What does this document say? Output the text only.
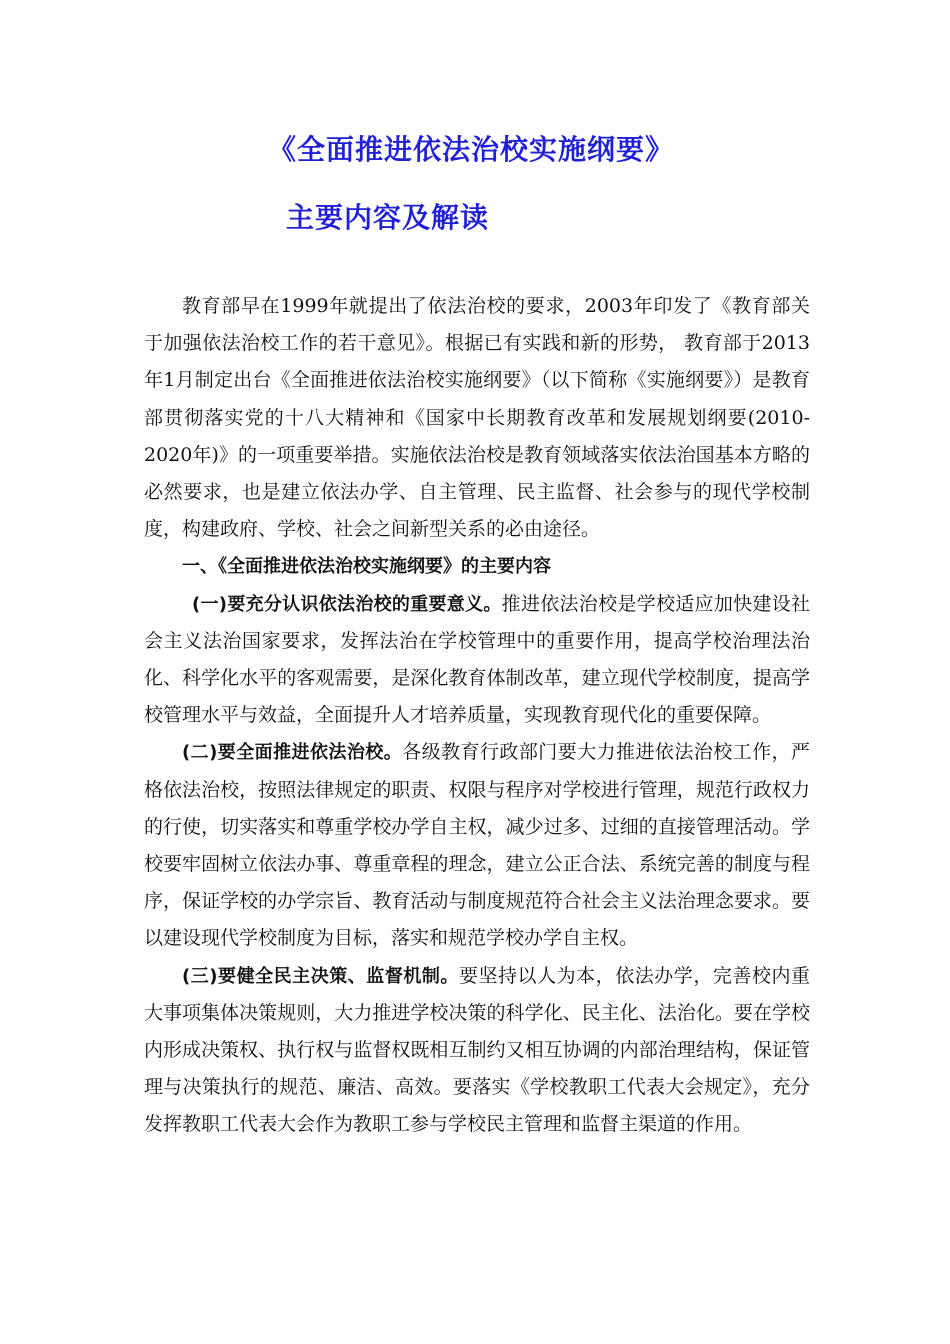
《全面推进依法治校实施纲要》
主要内容及解读

教育部早在1999年就提出了依法治校的要求，2003年印发了《教育部关于加强依法治校工作的若干意见》。根据已有实践和新的形势， 教育部于2013年1月制定出台《全面推进依法治校实施纲要》（以下简称《实施纲要》）是教育部贯彻落实党的十八大精神和《国家中长期教育改革和发展规划纲要(2010-2020年)》的一项重要举措。实施依法治校是教育领域落实依法治国基本方略的必然要求，也是建立依法办学、自主管理、民主监督、社会参与的现代学校制度，构建政府、学校、社会之间新型关系的必由途径。

一、《全面推进依法治校实施纲要》的主要内容

(一)要充分认识依法治校的重要意义。推进依法治校是学校适应加快建设社会主义法治国家要求，发挥法治在学校管理中的重要作用，提高学校治理法治化、科学化水平的客观需要，是深化教育体制改革，建立现代学校制度，提高学校管理水平与效益，全面提升人才培养质量，实现教育现代化的重要保障。

(二)要全面推进依法治校。各级教育行政部门要大力推进依法治校工作，严格依法治校，按照法律规定的职责、权限与程序对学校进行管理，规范行政权力的行使，切实落实和尊重学校办学自主权，减少过多、过细的直接管理活动。学校要牢固树立依法办事、尊重章程的理念，建立公正合法、系统完善的制度与程序，保证学校的办学宗旨、教育活动与制度规范符合社会主义法治理念要求。要以建设现代学校制度为目标，落实和规范学校办学自主权。

(三)要健全民主决策、监督机制。要坚持以人为本，依法办学，完善校内重大事项集体决策规则，大力推进学校决策的科学化、民主化、法治化。要在学校内形成决策权、执行权与监督权既相互制约又相互协调的内部治理结构，保证管理与决策执行的规范、廉洁、高效。要落实《学校教职工代表大会规定》，充分发挥教职工代表大会作为教职工参与学校民主管理和监督主渠道的作用。
